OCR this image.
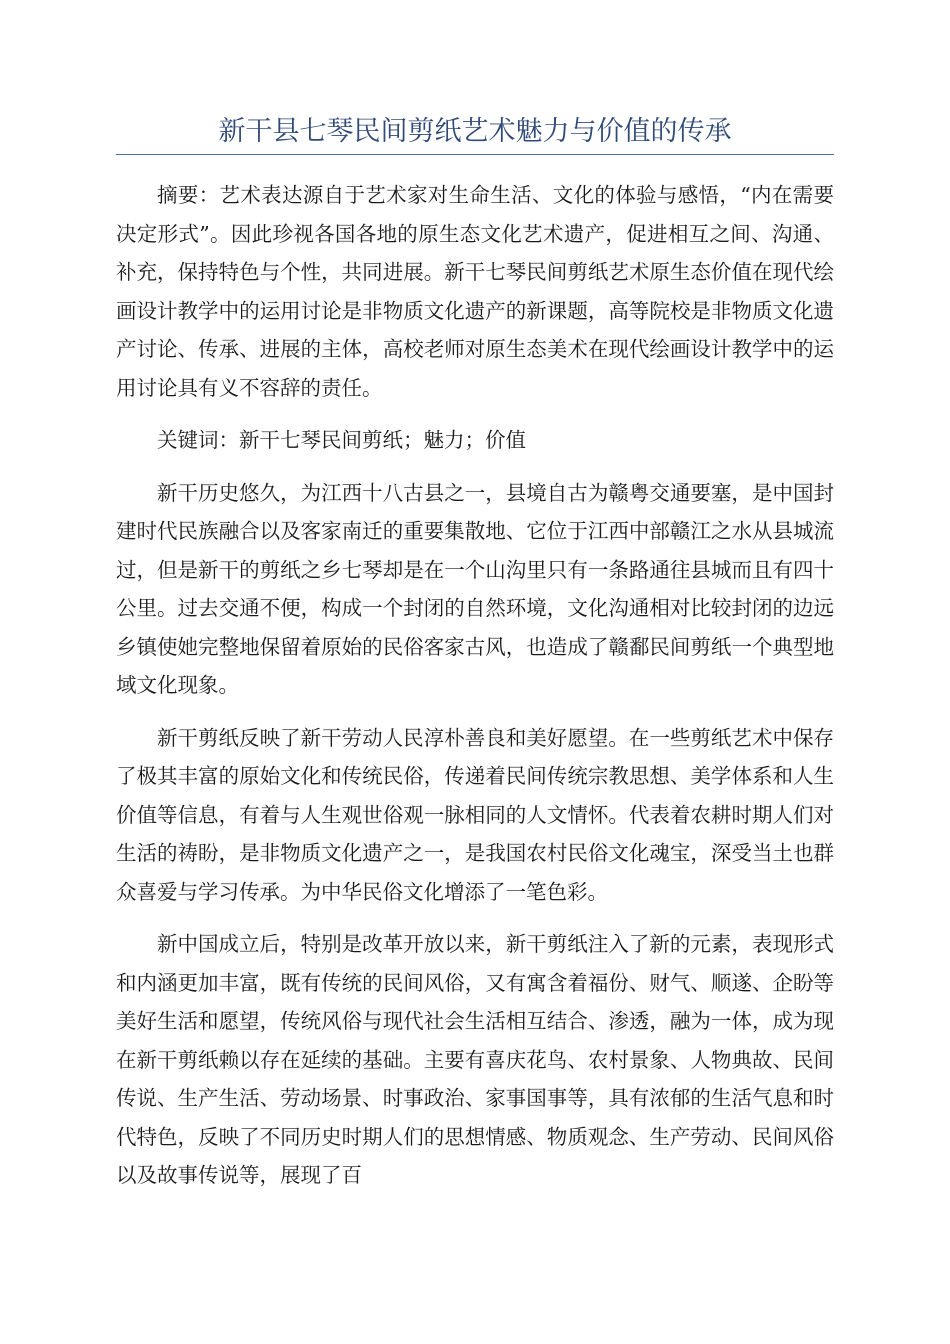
新干县七琴民间剪纸艺术魅力与价值的传承

摘要：艺术表达源自于艺术家对生命生活、文化的体验与感悟，“内在需要决定形式”。因此珍视各国各地的原生态文化艺术遗产，促进相互之间、沟通、补充，保持特色与个性，共同进展。新干七琴民间剪纸艺术原生态价值在现代绘画设计教学中的运用讨论是非物质文化遗产的新课题，高等院校是非物质文化遗产讨论、传承、进展的主体，高校老师对原生态美术在现代绘画设计教学中的运用讨论具有义不容辞的责任。

关键词：新干七琴民间剪纸；魅力；价值

新干历史悠久，为江西十八古县之一，县境自古为赣粤交通要塞，是中国封建时代民族融合以及客家南迁的重要集散地、它位于江西中部赣江之水从县城流过，但是新干的剪纸之乡七琴却是在一个山沟里只有一条路通往县城而且有四十公里。过去交通不便，构成一个封闭的自然环境，文化沟通相对比较封闭的边远乡镇使她完整地保留着原始的民俗客家古风，也造成了赣鄱民间剪纸一个典型地域文化现象。

新干剪纸反映了新干劳动人民淳朴善良和美好愿望。在一些剪纸艺术中保存了极其丰富的原始文化和传统民俗，传递着民间传统宗教思想、美学体系和人生价值等信息，有着与人生观世俗观一脉相同的人文情怀。代表着农耕时期人们对生活的祷盼，是非物质文化遗产之一，是我国农村民俗文化魂宝，深受当土也群众喜爱与学习传承。为中华民俗文化增添了一笔色彩。

新中国成立后，特别是改革开放以来，新干剪纸注入了新的元素，表现形式和内涵更加丰富，既有传统的民间风俗，又有寓含着福份、财气、顺遂、企盼等美好生活和愿望，传统风俗与现代社会生活相互结合、渗透，融为一体，成为现在新干剪纸赖以存在延续的基础。主要有喜庆花鸟、农村景象、人物典故、民间传说、生产生活、劳动场景、时事政治、家事国事等，具有浓郁的生活气息和时代特色，反映了不同历史时期人们的思想情感、物质观念、生产劳动、民间风俗以及故事传说等，展现了百
